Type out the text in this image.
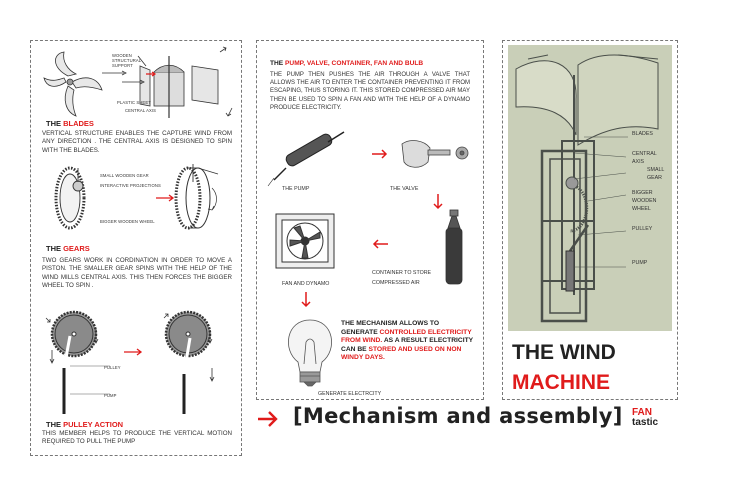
WOODEN STRUCTURAL SUPPORT
PLASTIC SHEET
CENTRAL AXIS
THE BLADES
VERTICAL STRUCTURE ENABLES THE CAPTURE WIND FROM ANY DIRECTION . THE CENTRAL AXIS IS DESIGNED TO SPIN WITH THE BLADES.
SMALL WOODEN GEAR
INTERACTIVE PROJECTIONS
BIGGER WOODEN WHEEL
THE GEARS
TWO GEARS WORK IN CORDINATION IN ORDER TO MOVE A PISTON. THE SMALLER GEAR SPINS WITH THE HELP OF THE WIND MILLS CENTRAL AXIS. THIS THEN FORCES THE BIGGER WHEEL TO SPIN .
PULLEY
PUMP
THE PULLEY ACTION
THIS MEMBER HELPS TO PRODUCE THE VERTICAL MOTION REQUIRED TO PULL THE PUMP
THE PUMP, VALVE, CONTAINER, FAN AND BULB
THE PUMP THEN PUSHES THE AIR THROUGH A VALVE THAT ALLOWS THE AIR TO ENTER THE CONTAINER PREVENTING IT FROM ESCAPING, THUS STORING IT. THIS STORED COMPRESSED AIR MAY THEN BE USED TO SPIN A FAN AND WITH THE HELP OF A DYNAMO PRODUCE ELECTRICITY.
THE PUMP	THE VALVE
CONTAINER TO STORE COMPRESSED AIR
FAN AND DYNAMO
GENERATE ELECTRCITY
THE MECHANISM ALLOWS TO GENERATE CONTROLLED ELECTRICITY FROM WIND. AS A RESULT ELECTRICITY CAN BE STORED AND USED ON NON WINDY DAYS.
BLADES
CENTRAL AXIS
SMALL GEAR
BIGGER WOODEN WHEEL
PULLEY
PUMP
THE WIND
MACHINE
[Mechanism and assembly] FAN
tastic
